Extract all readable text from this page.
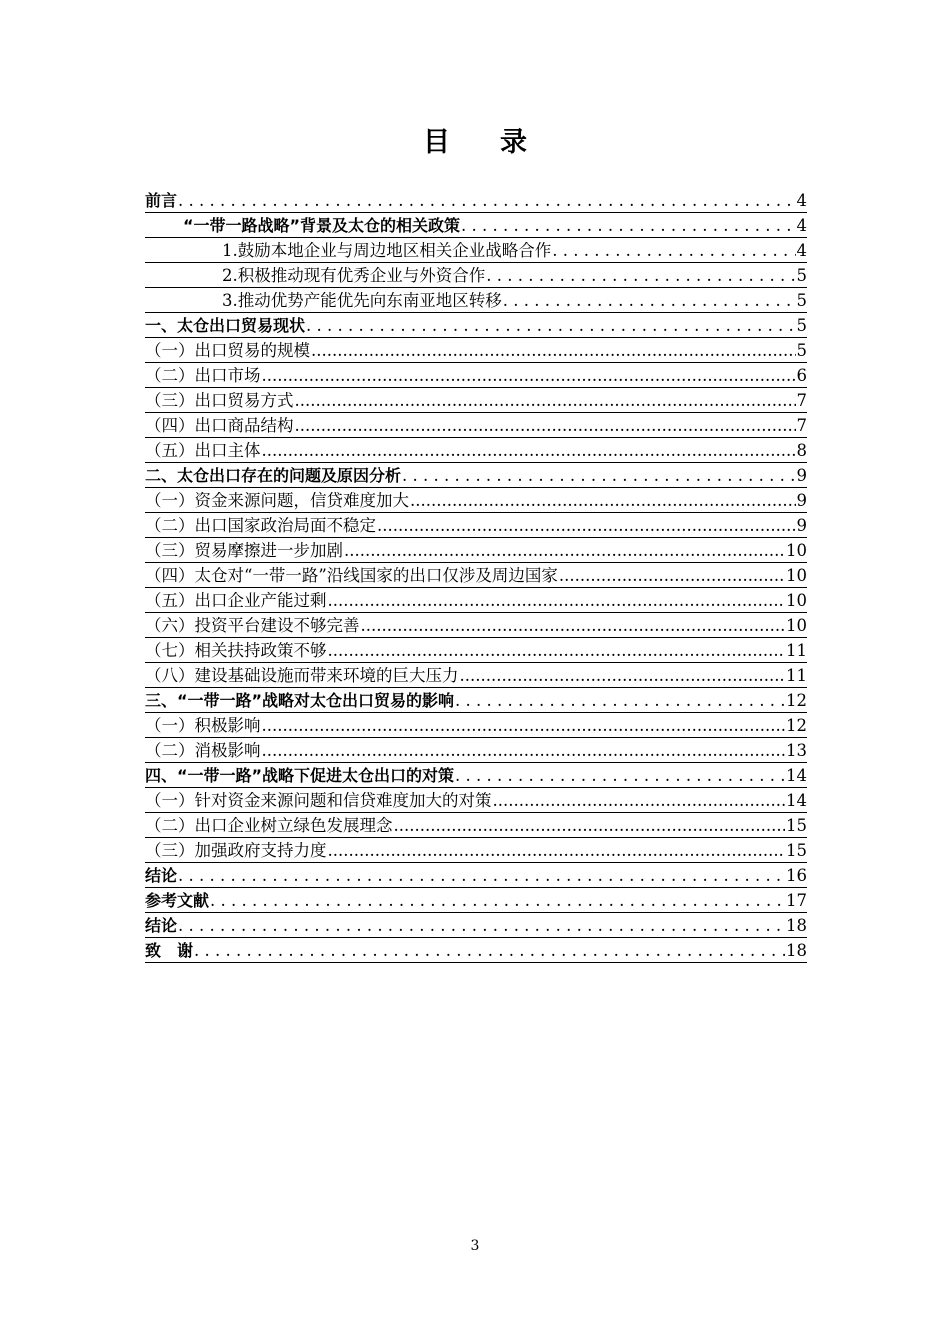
目 录
前言 . . .	4
“一带一路战略”背景及太仓的相关政策 . . .	4
1.鼓励本地企业与周边地区相关企业战略合作 . . .	4
2.积极推动现有优秀企业与外资合作 . . .	5
3.推动优势产能优先向东南亚地区转移 . . .	5
一、太仓出口贸易现状 . . .	5
（一）出口贸易的规模 .....	5
（二）出口市场 .....	6
（三）出口贸易方式 .....	7
（四）出口商品结构 .....	7
（五）出口主体 .....	8
二、太仓出口存在的问题及原因分析 . . .	9
（一）资金来源问题，信贷难度加大 .....	9
（二）出口国家政治局面不稳定 .....	9
（三）贸易摩擦进一步加剧 .....	10
（四）太仓对“一带一路”沿线国家的出口仅涉及周边国家 .....	10
（五）出口企业产能过剩 .....	10
（六）投资平台建设不够完善 .....	10
（七）相关扶持政策不够 .....	11
（八）建设基础设施而带来环境的巨大压力 .....	11
三、“一带一路”战略对太仓出口贸易的影响 . . .	12
（一）积极影响 .....	12
（二）消极影响 .....	13
四、“一带一路”战略下促进太仓出口的对策 . . .	14
（一）针对资金来源问题和信贷难度加大的对策 .....	14
（二）出口企业树立绿色发展理念 .....	15
（三）加强政府支持力度 .....	15
结论 . . .	16
参考文献 . . .	17
结论 . . .	18
致　谢 . . .	18
3
